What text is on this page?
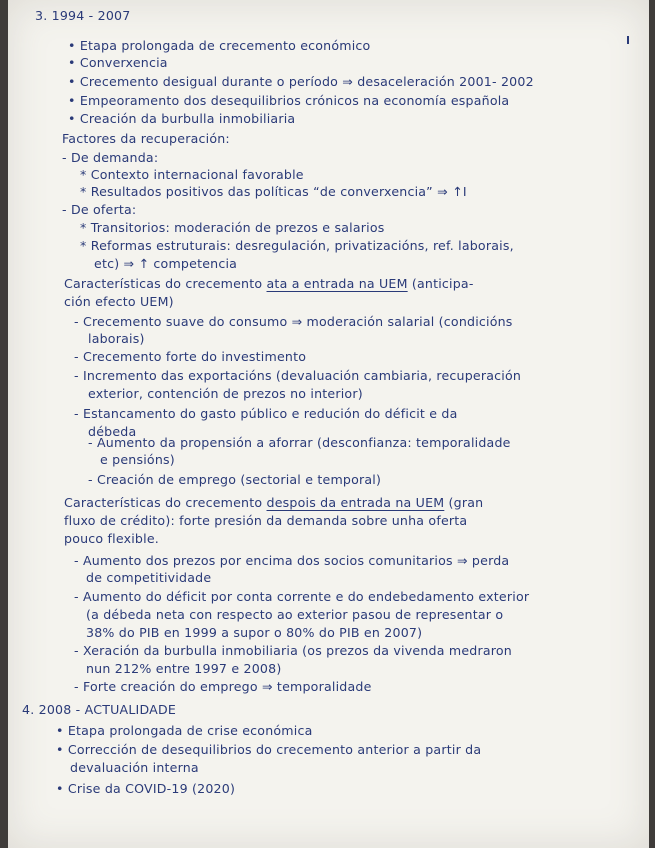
3. 1994 - 2007
• Etapa prolongada de crecemento económico
• Converxencia
• Crecemento desigual durante o período ⇒ desaceleración 2001- 2002
• Empeoramento dos desequilibrios crónicos na economía española
• Creación da burbulla inmobiliaria
Factores da recuperación:
- De demanda:
* Contexto internacional favorable
* Resultados positivos das políticas “de converxencia” ⇒ ↑I
- De oferta:
* Transitorios: moderación de prezos e salarios
* Reformas estruturais: desregulación, privatizacións, ref. laborais,
etc) ⇒ ↑ competencia
Características do crecemento ata a entrada na UEM (anticipa-
ción efecto UEM)
- Crecemento suave do consumo ⇒ moderación salarial (condicións
laborais)
- Crecemento forte do investimento
- Incremento das exportacións (devaluación cambiaria, recuperación
exterior, contención de prezos no interior)
- Estancamento do gasto público e redución do déficit e da
débeda
- Aumento da propensión a aforrar (desconfianza: temporalidade
e pensións)
- Creación de emprego (sectorial e temporal)
Características do crecemento despois da entrada na UEM (gran
fluxo de crédito): forte presión da demanda sobre unha oferta
pouco flexible.
- Aumento dos prezos por encima dos socios comunitarios ⇒ perda
de competitividade
- Aumento do déficit por conta corrente e do endebedamento exterior
(a débeda neta con respecto ao exterior pasou de representar o
38% do PIB en 1999 a supor o 80% do PIB en 2007)
- Xeración da burbulla inmobiliaria (os prezos da vivenda medraron
nun 212% entre 1997 e 2008)
- Forte creación do emprego ⇒ temporalidade
4. 2008 - ACTUALIDADE
• Etapa prolongada de crise económica
• Corrección de desequilibrios do crecemento anterior a partir da
devaluación interna
• Crise da COVID-19 (2020)
